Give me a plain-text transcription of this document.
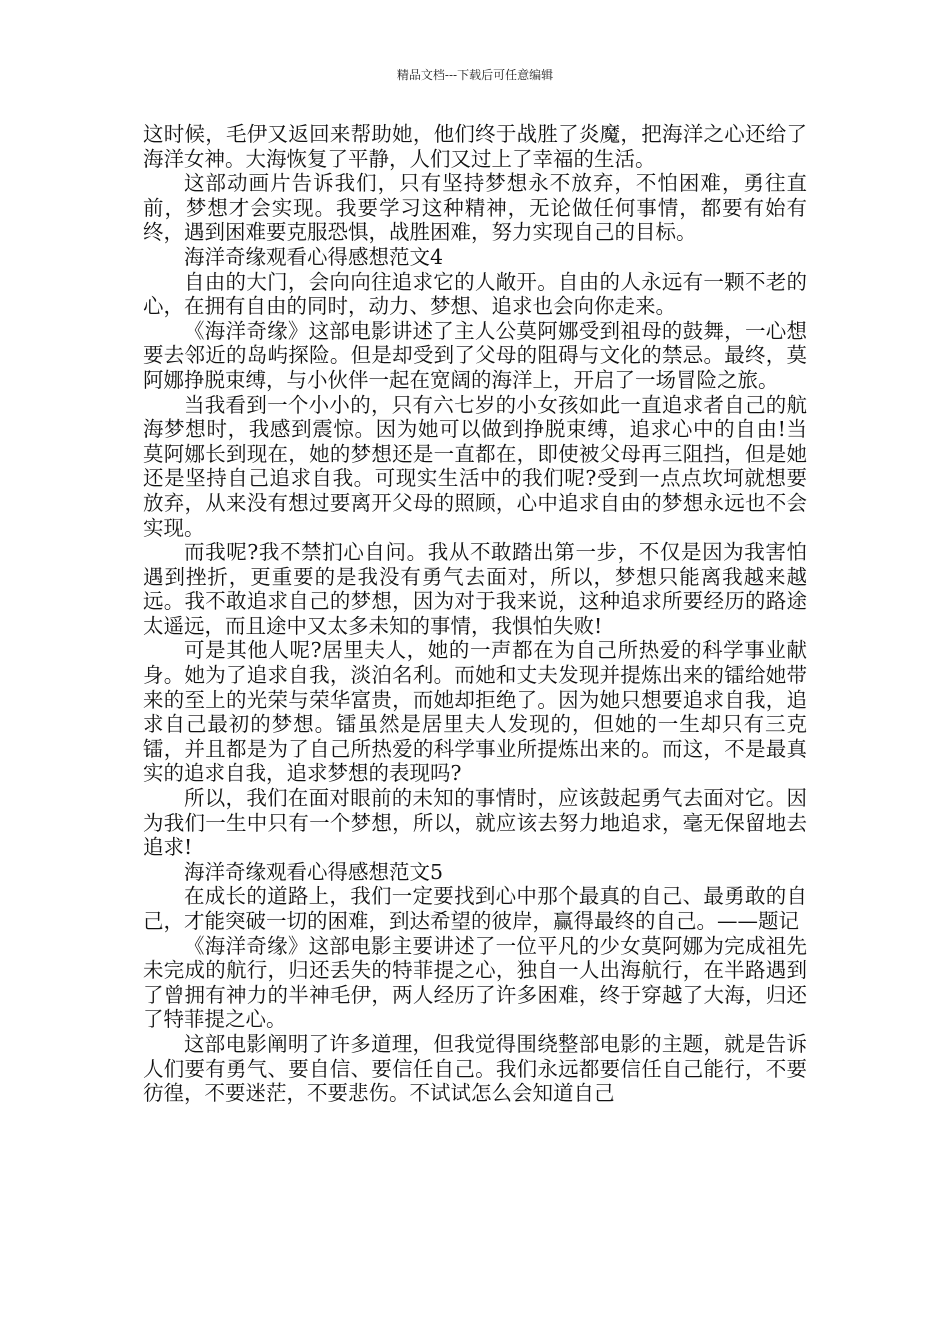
精品文档---下载后可任意编辑

这时候，毛伊又返回来帮助她，他们终于战胜了炎魔，把海洋之心还给了海洋女神。大海恢复了平静，人们又过上了幸福的生活。

这部动画片告诉我们，只有坚持梦想永不放弃，不怕困难，勇往直前，梦想才会实现。我要学习这种精神，无论做任何事情，都要有始有终，遇到困难要克服恐惧，战胜困难，努力实现自己的目标。

海洋奇缘观看心得感想范文4

自由的大门，会向向往追求它的人敞开。自由的人永远有一颗不老的心，在拥有自由的同时，动力、梦想、追求也会向你走来。

《海洋奇缘》这部电影讲述了主人公莫阿娜受到祖母的鼓舞，一心想要去邻近的岛屿探险。但是却受到了父母的阻碍与文化的禁忌。最终，莫阿娜挣脱束缚，与小伙伴一起在宽阔的海洋上，开启了一场冒险之旅。

当我看到一个小小的，只有六七岁的小女孩如此一直追求者自己的航海梦想时，我感到震惊。因为她可以做到挣脱束缚，追求心中的自由!当莫阿娜长到现在，她的梦想还是一直都在，即使被父母再三阻挡，但是她还是坚持自己追求自我。可现实生活中的我们呢?受到一点点坎坷就想要放弃，从来没有想过要离开父母的照顾，心中追求自由的梦想永远也不会实现。

而我呢?我不禁扪心自问。我从不敢踏出第一步，不仅是因为我害怕遇到挫折，更重要的是我没有勇气去面对，所以，梦想只能离我越来越远。我不敢追求自己的梦想，因为对于我来说，这种追求所要经历的路途太遥远，而且途中又太多未知的事情，我惧怕失败!

可是其他人呢?居里夫人，她的一声都在为自己所热爱的科学事业献身。她为了追求自我，淡泊名利。而她和丈夫发现并提炼出来的镭给她带来的至上的光荣与荣华富贵，而她却拒绝了。因为她只想要追求自我，追求自己最初的梦想。镭虽然是居里夫人发现的，但她的一生却只有三克镭，并且都是为了自己所热爱的科学事业所提炼出来的。而这，不是最真实的追求自我，追求梦想的表现吗?

所以，我们在面对眼前的未知的事情时，应该鼓起勇气去面对它。因为我们一生中只有一个梦想，所以，就应该去努力地追求，毫无保留地去追求!

海洋奇缘观看心得感想范文5

在成长的道路上，我们一定要找到心中那个最真的自己、最勇敢的自己，才能突破一切的困难，到达希望的彼岸，赢得最终的自己。——题记

《海洋奇缘》这部电影主要讲述了一位平凡的少女莫阿娜为完成祖先未完成的航行，归还丢失的特菲提之心，独自一人出海航行，在半路遇到了曾拥有神力的半神毛伊，两人经历了许多困难，终于穿越了大海，归还了特菲提之心。

这部电影阐明了许多道理，但我觉得围绕整部电影的主题，就是告诉人们要有勇气、要自信、要信任自己。我们永远都要信任自己能行，不要彷徨，不要迷茫，不要悲伤。不试试怎么会知道自己
